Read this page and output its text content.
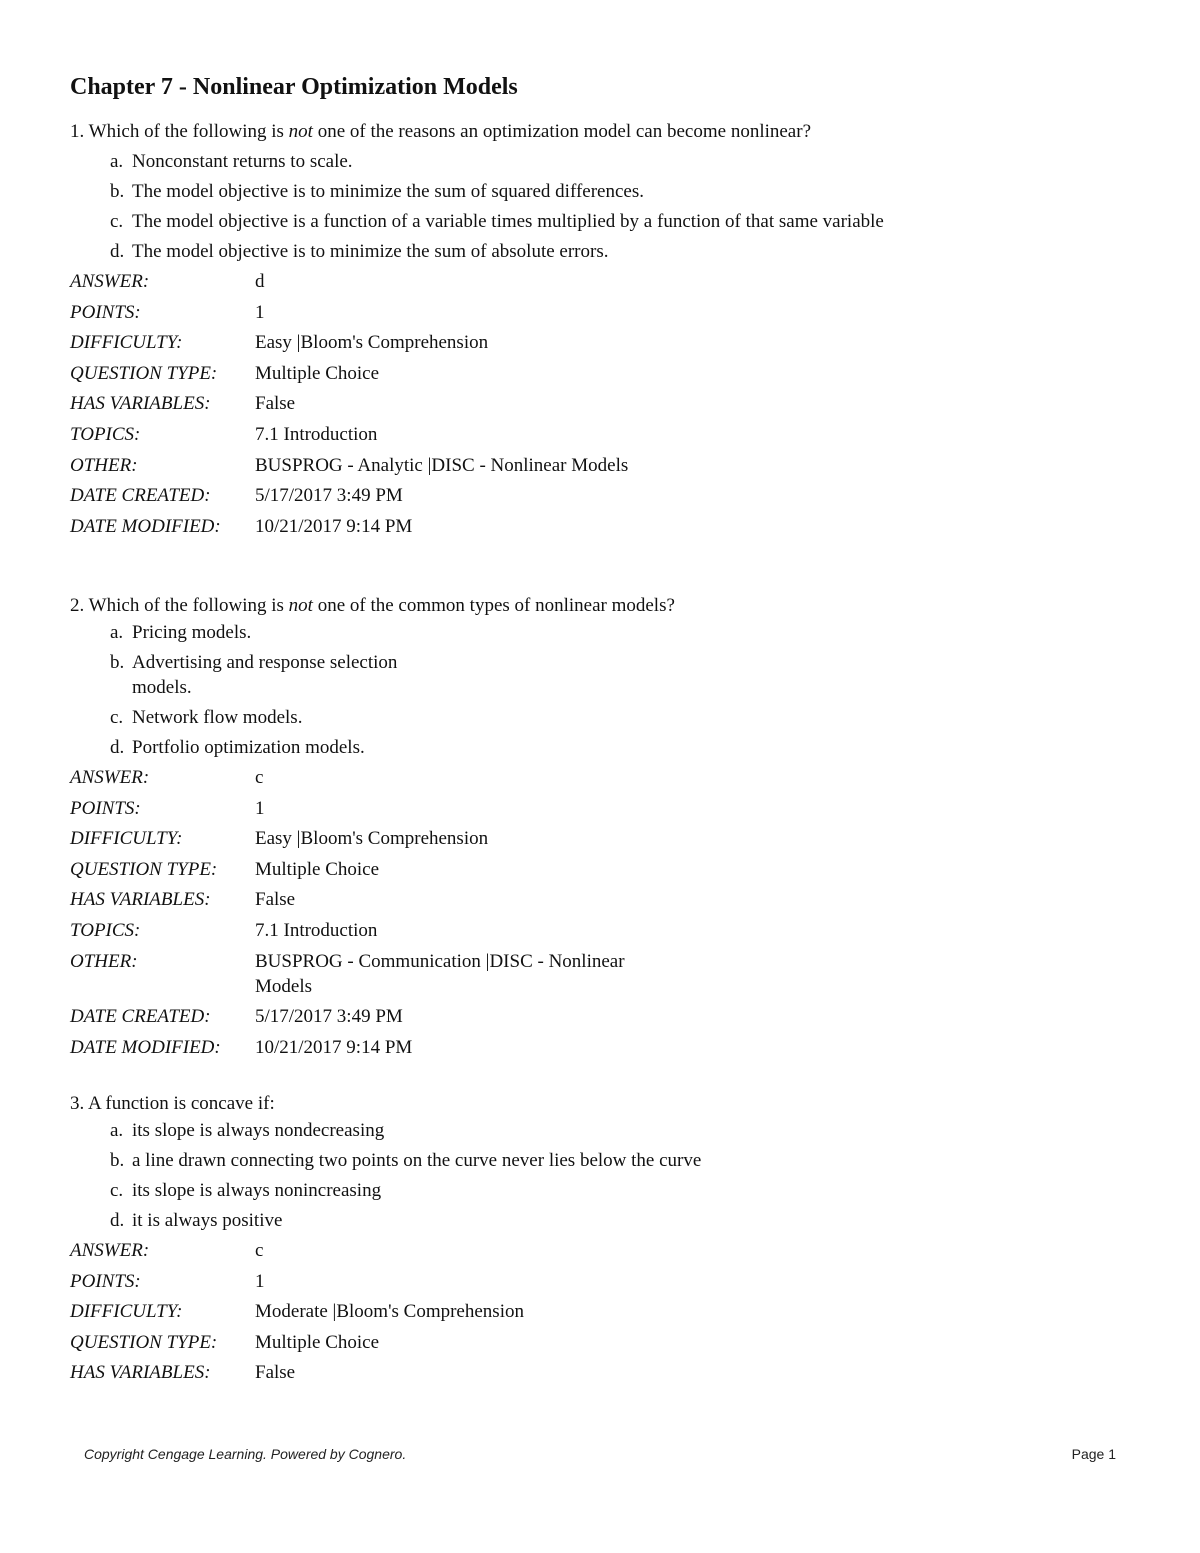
Chapter 7 - Nonlinear Optimization Models
1. Which of the following is not one of the reasons an optimization model can become nonlinear?
a. Nonconstant returns to scale.
b. The model objective is to minimize the sum of squared differences.
c. The model objective is a function of a variable times multiplied by a function of that same variable
d. The model objective is to minimize the sum of absolute errors.
ANSWER:	d
POINTS:	1
DIFFICULTY:	Easy |Bloom's Comprehension
QUESTION TYPE:	Multiple Choice
HAS VARIABLES:	False
TOPICS:	7.1 Introduction
OTHER:	BUSPROG - Analytic |DISC - Nonlinear Models
DATE CREATED:	5/17/2017 3:49 PM
DATE MODIFIED:	10/21/2017 9:14 PM
2. Which of the following is not one of the common types of nonlinear models?
a. Pricing models.
b. Advertising and response selection models.
c. Network flow models.
d. Portfolio optimization models.
ANSWER:	c
POINTS:	1
DIFFICULTY:	Easy |Bloom's Comprehension
QUESTION TYPE:	Multiple Choice
HAS VARIABLES:	False
TOPICS:	7.1 Introduction
OTHER:	BUSPROG - Communication |DISC - Nonlinear Models
DATE CREATED:	5/17/2017 3:49 PM
DATE MODIFIED:	10/21/2017 9:14 PM
3. A function is concave if:
a. its slope is always nondecreasing
b. a line drawn connecting two points on the curve never lies below the curve
c. its slope is always nonincreasing
d. it is always positive
ANSWER:	c
POINTS:	1
DIFFICULTY:	Moderate |Bloom's Comprehension
QUESTION TYPE:	Multiple Choice
HAS VARIABLES:	False
Copyright Cengage Learning. Powered by Cognero.	Page 1
